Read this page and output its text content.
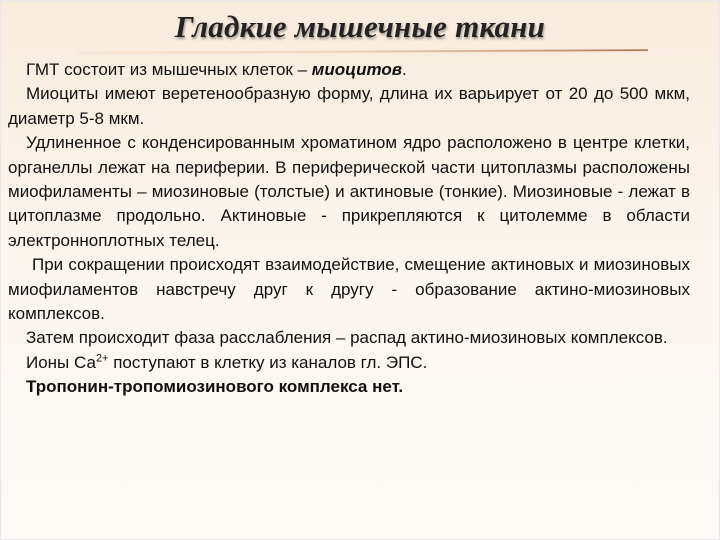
Гладкие мышечные ткани

ГМТ состоит из мышечных клеток – миоцитов.

Миоциты имеют веретенообразную форму, длина их варьирует от 20 до 500 мкм, диаметр 5-8 мкм.

Удлиненное с конденсированным хроматином ядро расположено в центре клетки, органеллы лежат на периферии. В периферической части цитоплазмы расположены миофиламенты – миозиновые (толстые) и актиновые (тонкие). Миозиновые - лежат в цитоплазме продольно. Актиновые - прикрепляются к цитолемме в области электронноплотных телец.

При сокращении происходят взаимодействие, смещение актиновых и миозиновых миофиламентов навстречу друг к другу - образование актино-миозиновых комплексов.

Затем происходит фаза расслабления – распад актино-миозиновых комплексов.

Ионы $Са^{2+}$ поступают в клетку из каналов гл. ЭПС.

Тропонин-тропомиозинового комплекса нет.
